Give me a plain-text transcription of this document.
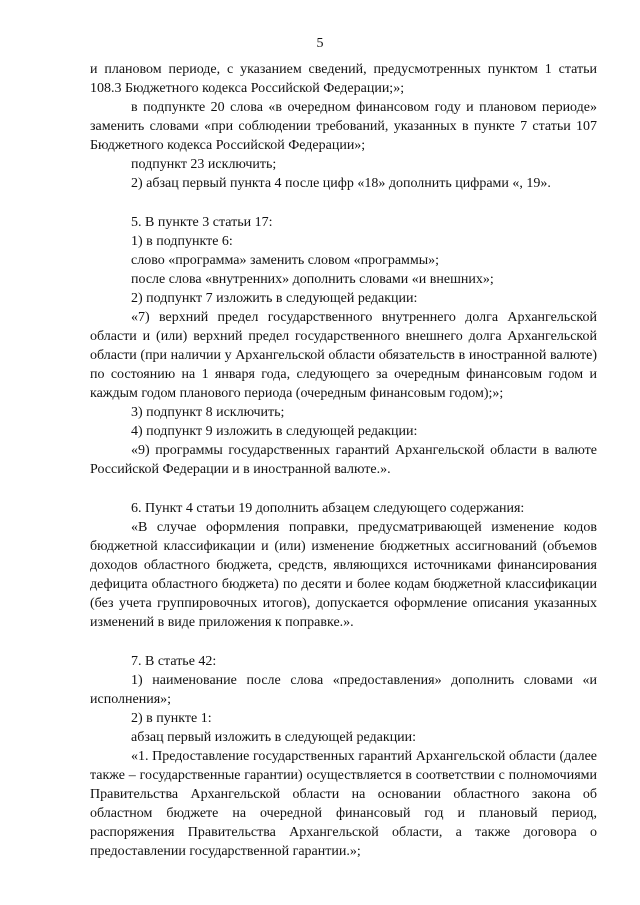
5

и плановом периоде, с указанием сведений, предусмотренных пунктом 1 статьи 108.3 Бюджетного кодекса Российской Федерации;»;

в подпункте 20 слова «в очередном финансовом году и плановом периоде» заменить словами «при соблюдении требований, указанных в пункте 7 статьи 107 Бюджетного кодекса Российской Федерации»;

подпункт 23 исключить;

2) абзац первый пункта 4 после цифр «18» дополнить цифрами «, 19».

5. В пункте 3 статьи 17:

1) в подпункте 6:

слово «программа» заменить словом «программы»;

после слова «внутренних» дополнить словами «и внешних»;

2) подпункт 7 изложить в следующей редакции:

«7) верхний предел государственного внутреннего долга Архангельской области и (или) верхний предел государственного внешнего долга Архангельской области (при наличии у Архангельской области обязательств в иностранной валюте) по состоянию на 1 января года, следующего за очередным финансовым годом и каждым годом планового периода (очередным финансовым годом);»;

3) подпункт 8 исключить;

4) подпункт 9 изложить в следующей редакции:

«9) программы государственных гарантий Архангельской области в валюте Российской Федерации и в иностранной валюте.».

6. Пункт 4 статьи 19 дополнить абзацем следующего содержания:

«В случае оформления поправки, предусматривающей изменение кодов бюджетной классификации и (или) изменение бюджетных ассигнований (объемов доходов областного бюджета, средств, являющихся источниками финансирования дефицита областного бюджета) по десяти и более кодам бюджетной классификации (без учета группировочных итогов), допускается оформление описания указанных изменений в виде приложения к поправке.».

7. В статье 42:

1) наименование после слова «предоставления» дополнить словами «и исполнения»;

2) в пункте 1:

абзац первый изложить в следующей редакции:

«1. Предоставление государственных гарантий Архангельской области (далее также – государственные гарантии) осуществляется в соответствии с полномочиями Правительства Архангельской области на основании областного закона об областном бюджете на очередной финансовый год и плановый период, распоряжения Правительства Архангельской области, а также договора о предоставлении государственной гарантии.»;
